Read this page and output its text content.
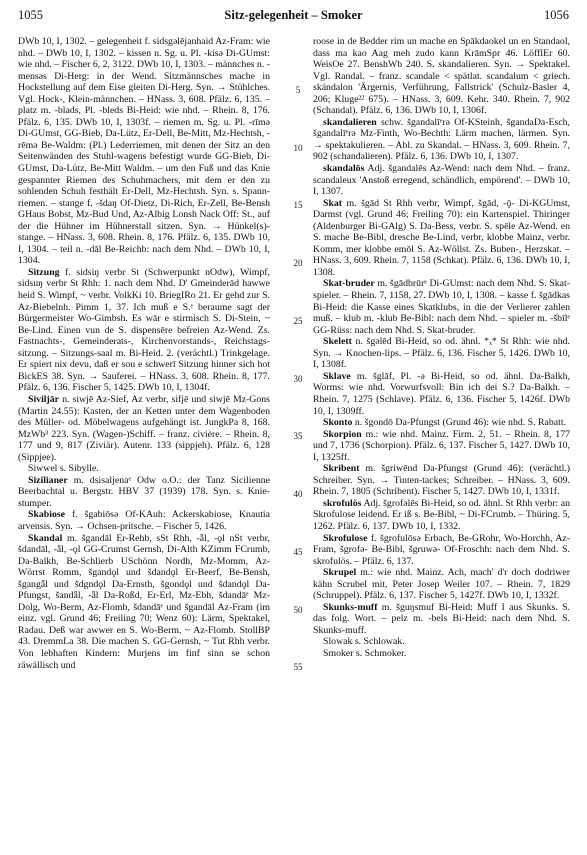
1055	Sitz-gelegenheit – Smoker	1056

DWb 10, I, 1302. – gelegenheit f. sidsgəlējanhaid Az-Fram: wie nhd. – DWb 10, I, 1302. – kissen n. Sg. u. Pl. -kisə Di-GUmst: wie nhd. – Fischer 6, 2, 3122. DWb 10, I, 1303. – männches n. -mensəs Di-Herg: in der Wend. Sitzmännsches mache in Hockstellung auf dem Eise gleiten Di-Herg. Syn. → Stühlches. Vgl. Hock-, Klein-männchen. – HNass. 3, 608. Pfälz. 6, 135. – platz m. -blads, Pl. -bleds Bi-Heid: wie nhd. – Rhein. 8, 176. Pfälz. 6, 135. DWb 10, I, 1303f. – riemen m. Sg. u. Pl. -rīmə Di-GUmst, GG-Bieb, Da-Lütz, Er-Dell, Be-Mitt, Mz-Hechtsh, -rēmə Be-Waldm: (Pl.) Lederriemen, mit denen der Sitz an den Seitenwänden des Stuhl-wagens befestigt wurde GG-Bieb, Di-GUmst, Da-Lütz, Be-Mitt Waldm. – um den Fuß und das Knie gespannter Riemen des Schuhmachers, mit dem er den zu sohlenden Schuh festhält Er-Dell, Mz-Hechtsh. Syn. s. Spann-riemen. – stange f. -šdaŋ Of-Dietz, Di-Rich, Er-Zell, Be-Bensh GHaus Bobst, Mz-Bud Und, Az-Albig Lonsh Nack Off: St., auf der die Hühner im Hühnerstall sitzen. Syn. → Hünkel(s)-stange. – HNass. 3, 608. Rhein. 8, 176. Pfälz. 6, 135. DWb 10, I, 1304. – teil n. -dāl Be-Reichb: nach dem Nhd. – DWb 10, I, 1304.

Sitzung f. sidsiŋ verbr St (Schwerpunkt nOdw), Wimpf, sidsuŋ verbr St Rhh: 1. nach dem Nhd. D' Gmeinderād hawwe heid S. Wimpf, ~ verbr. VolkKi 10. BriegIRo 21. Er gehd zur S. Az-Biebelnh. Pimm 1, 37. Ich muß e S.ᵉ beraume sagt der Bürgermeister Wo-Gimbsh. Es wār e stirmisch S. Di-Stein, ~ Be-Lind. Einen vun de S. dispensēre befreien Az-Wend. Zs. Fastnachts-, Gemeinderats-, Kirchenvorstands-, Reichstags-sitzung. – Sitzungs-saal m. Bi-Heid. 2. (verächtl.) Trinkgelage. Er spiert nix devu, daß er sou e schwerī Sitzung hinner sich hot BickES 38. Syn. → Sauferei. – HNass. 3, 608. Rhein. 8, 177. Pfälz. 6, 136. Fischer 5, 1425. DWb 10, I, 1304f.

Siviljār n. siwjē Az-Sief, Az verbr, sifjē und siwjē Mz-Gons (Martin 24.55): Kasten, der an Ketten unter dem Wagenboden des Müller- od. Möbelwagens aufgehängt ist. JungkPa 8, 168. MzWb³ 223. Syn. (Wagen-)Schiff. – franz. civière. – Rhein. 8, 177 und 9, 817 (Ziviär). Autenr. 133 (sippjeh). Pfälz. 6, 128 (Sippjee).

Siwwel s. Sibylle.

Sizilianer m. dsisaljenaᵉ Odw o.O.: der Tanz Sicilienne Beerbachtal u. Bergstr. HBV 37 (1939) 178. Syn. s. Knie-stumper.

Skabiose f. šgabiōsə Of-KAuh: Ackerskabiose, Knautia arvensis. Syn. → Ochsen-pritsche. – Fischer 5, 1426.

Skandal m. šgandāl Er-Rehb, sSt Rhh, -ǟl, -ǫl nSt verbr, šdandāl, -ǟl, -ǫl GG-Crumst Gernsh, Di-Alth KZimm FCrumb, Da-Balkh, Be-Schlierb USchönn Nordh, Mz-Momm, Az-Wörrst Romm, šgandǫl und šdandǫl Er-Beerf, Be-Bensh, šgangǟl und šdgndǫl Da-Ernsth, šgondǫl und šdandǫl Da-Pfungst, šandǟl, -ǟl Da-Roßd, Er-Erl, Mz-Ebh, šdandāᵉ Mz-Dolg, Wo-Berm, Az-Flomb, šdandāᵉ und šgandāl Az-Fram (im einz. vgl. Grund 46; Freiling 70; Wenz 60): Lärm, Spektakel, Radau. Deß war awwer en S. Wo-Berm, ~ Az-Flomb. StollBP 43. DremmLa 38. Die machen S. GG-Gernsh, ~ Tut Rhh verbr. Von lebhaften Kindern: Murjens im finf sinn se schon räwällisch und

roose in de Bedder rim un mache en Spākdaokel un en Standaol, dass ma kao Aag meh zudo kann KrāmSpr 46. LöfflEr 60. WeisOe 27. BenshWb 240. S. skandalieren. Syn. → Spektakel. Vgl. Randal. – franz. scandale < spätlat. scandalum < griech. skándalon 'Ärgernis, Verführung, Fallstrick' (Schulz-Basler 4, 206; Kluge²² 675). – HNass. 3, 609. Kehr. 340. Rhein. 7, 902 (Schandal). Pfälz. 6, 136. DWb 10, I, 1306f.

skandalieren schw. šgandalīᵉrə Of-KSteinh, šgandaDa-Esch, šgandalīᵉrə Mz-Finth, Wo-Bechth: Lärm machen, lärmen. Syn. → spektakulieren. – Abl. zu Skandal. – HNass. 3, 609. Rhein. 7, 902 (schandalieren). Pfälz. 6, 136. DWb 10, I, 1307.

skandalōs Adj. šgandalēs Az-Wend: nach dem Nhd. – franz. scandaleux 'Anstoß erregend, schändlich, empörend'. – DWb 10, I, 1307.

Skat m. šgād St Rhh verbr, Wimpf, šgād, -ǭ- Di-KGUmst, Darmst (vgl. Grund 46; Freiling 70): ein Kartenspiel. Thiringer (Aldenburger Bi-GAlg) S. Da-Bess, verbr. S. spēle Az-Wend. en S. mache Be-Bibl, dresche Be-Lind, verbr, klobbe Mainz, verbr. Komm, mer klobbe emōl S. Az-Wöllst. Zs. Buben-, Herzskat. – HNass. 3, 609. Rhein. 7, 1158 (Schkat). Pfälz. 6, 136. DWb 10, I, 1308.

Skat-bruder m. šgādbrūrᵉ Di-GUmst: nach dem Nhd. S. Skat-spieler. – Rhein. 7, 1158, 27. DWb 10, I, 1308. – kasse f. šgādkas Bi-Heid: die Kasse eines Skatklubs, in die der Verlierer zahlen muß. – klub m. -klub Be-Bibl: nach dem Nhd. – spieler m. -šbīlᵉ GG-Rüss: nach dem Nhd. S. Skat-bruder.

Skelett n. šgəlēd Bi-Heid, so od. ähnl. *ₓ* St Rhh: wie nhd. Syn. → Knochen-lips. – Pfälz. 6, 136. Fischer 5, 1426. DWb 10, I, 1308f.

Sklave m. šglāf, Pl. -ə Bi-Heid, so od. ähnl. Da-Balkh, Worms: wie nhd. Vorwurfsvoll: Bin ich dei S.? Da-Balkh. – Rhein. 7, 1275 (Schlave). Pfälz. 6, 136. Fischer 5, 1426f. DWb 10, I, 1309ff.

Skonto n. šgondō Da-Pfungst (Grund 46): wie nhd. S. Rabatt.

Skorpion m.: wie nhd. Mainz. Firm. 2, 51. – Rhein. 8, 177 und 7, 1736 (Schorpion). Pfälz. 6, 137. Fischer 5, 1427. DWb 10, I, 1325ff.

Skribent m. šgriwēnd Da-Pfungst (Grund 46): (verächtl.) Schreiber. Syn. → Tinten-tackes; Schreiber. – HNass. 3, 609. Rhein. 7, 1805 (Schribent). Fischer 5, 1427. DWb 10, I, 1331f.

skrofulös Adj. šgrofəlēs Bi-Heid, so od. ähnl. St Rhh verbr: an Skrofulose leidend. Er iß s. Be-Bibl, ~ Di-FCrumb. – Thüring. 5, 1262. Pfälz. 6, 137. DWb 10, I, 1332.

Skrofulose f. šgrofulōsə Erbach, Be-GRohr, Wo-Horchh, Az-Fram, šgrofə- Be-Bibl, šgruwə- Of-Froschh: nach dem Nhd. S. skrofulös. – Pfälz. 6, 137.

Skrupel m.: wie nhd. Mainz. Ach, mach' d'r doch dodriwer kähn Scrubel mit, Peter Josep Weiler 107. – Rhein. 7, 1829 (Schruppel). Pfälz. 6, 137. Fischer 5, 1427f. DWb 10, I, 1332f.

Skunks-muff m. šguŋsmuf Bi-Heid: Muff I aus Skunks. S. das folg. Wort. – pelz m. -bels Bi-Heid: nach dem Nhd. S. Skunks-muff.

Slowak s. Schlowak.

Smoker s. Schmoker.

5
10
15
20
25
30
35
40
45
50
55
